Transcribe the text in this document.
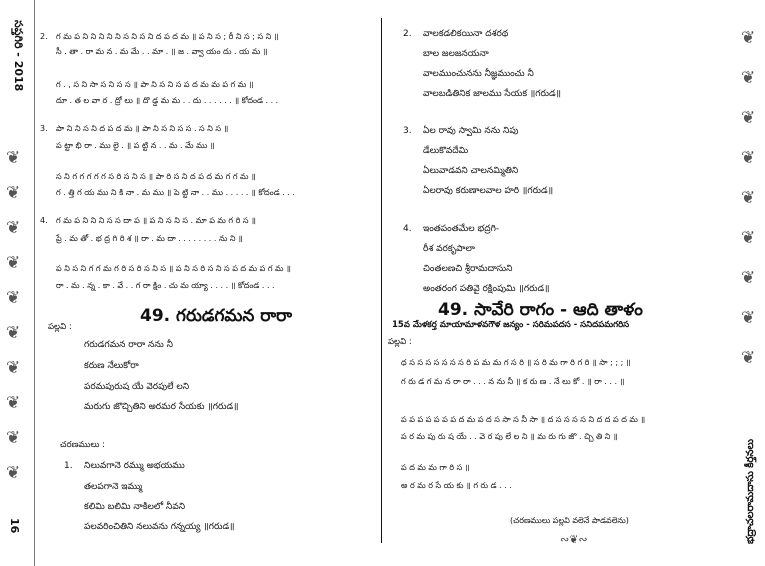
సప్తగిరి - 2018
❦
❦
❦
❦
❦
❦
❦
❦
❦
❦
16
2. గ మ ప ని ని ని ని ని స ని స ని ద ప ద మ ॥ ప ని స ; రీ ని స ; స ని ॥
సీ . తా . రా మ న . మ మే . . మా . ॥ జ . వ్వా యం దు . య మ ॥
గ . , స ని సా స ని స స ॥ పా ని స ని స ప ద మ మ ప గ మ ॥
దూ . త ల వా ర . ద్రో లు ॥ దొ డ్డ మ మ . . దు . . . . . . ॥ కోదండ . . .
3. పా ని ని స ని ద ప ద మ ॥ పా ని స ని స స . స ని స ॥
ప ట్టా భి రా . ము లై . ॥ ప ట్టి న . . మ . మే ము ॥
స ని గ గ గ గ గ స రి స ని స ॥ పా రి స ని ద ప ద మ గ గ మ ॥
గ . త్తి గ య ము ని కి నా . మ ము ॥ పె ట్టి నా . . ము . . . . . ॥ కోదండ . . .
4. గ మ ప ని ని ని స స దా ప ॥ ప ని స ని స . మా ప మ గ రి స ॥
ప్రే . మ తో . భ ద్ర గి రి శ ॥ రా . మ దా . . . . . . . . ను ని ॥
ప ని స ని గ గ మ గ రి స రి స ని స ॥ ప ని స రి స ని స ప ద మ ప గ మ ॥
రా . మ . న్న . కా . వే . . గ రా క్షిం . చు మ య్యా . . . . ॥ కోదండ . . .
49. గరుడగమన రారా
పల్లవి :
గరుడగమన రారా నను నీ
కరుణ నేలుకోరా
పరమపురుష యే వెరపులే లని
మరుగు జొచ్చితిని అరమర సేయకు ॥గరుడ॥
చరణములు :
1. నిలువగానె రమ్ము అభయము
తలపగానె ఇమ్ము
కలిమి బలిమి నాకిలలో నీవని
పలవరించితిని నలువను గన్నయ్య ॥గరుడ॥
2. వాలకడలికయినా దశరథ
బాల జలజనయనా
వాలముంచునను నీజ్ఞముంచు నీ
వాలబడితినిక జాలము సేయక ॥గరుడ॥
3. ఏల రావు స్వామి నను నిపు
డేలుకొవదేమి
ఏలువాడవని చాలనమ్మితిని
ఏలరావు కరుణాలవాల హరి ॥గరుడ॥
4. ఇంతపంతమేల భద్రగి-
రీశ వరకృపాలా
చింతలణచి శ్రీరామదాసుని
అంతరంగ పతివై రక్షింపుమి ॥గరుడ॥
49. సావేరి రాగం - ఆది తాళం
15వ మేళకర్త మాయామాళవగౌళ జన్యం - సరిమపదస - సనిదపమగరిస
పల్లవి :
ధ స స స స స స స రి ప మ మ గ స రి ॥ స రి మ గా రి గ రి ॥ సా ; ; ; ॥
గ రు డ గ మ న రా రా . . . న ను నీ ॥ క రు ణ . నే లు కో . ॥ రా . . . ॥
ప ప ప ప ప ప ప ద మ ప ద స సా స నీ సా ॥ ద స స స స ని ద ద ప ద మ ॥
ప ర మ పు రు ష యే . . వె ర పు లే ల ని ॥ మ రు గు జొ . చ్చి తి ని ॥
ప ద మ మ గా రి స ॥
అ ర మ ర సే య కు ॥ గ రు డ . . .
(చరణములు పల్లవి వలెనే పాడవలెను)
∾❦∾
❦
❦
❦
❦
❦
❦
❦
❦
❦
భద్రాచలరామదాసు కీర్తనలు
